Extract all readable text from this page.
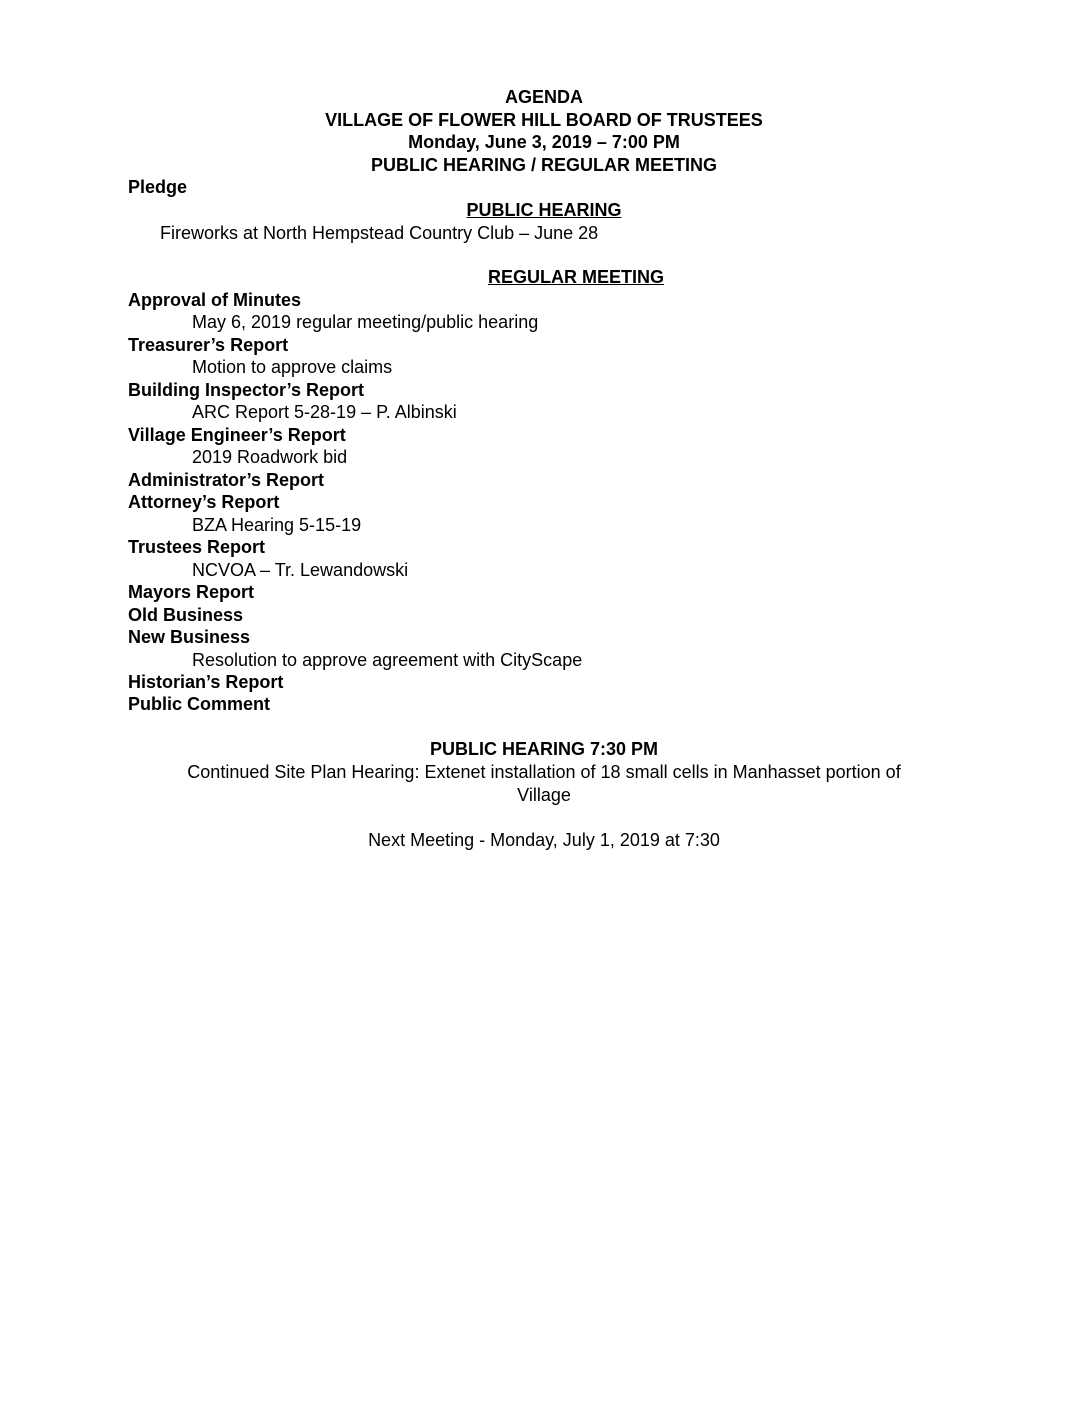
AGENDA
VILLAGE OF FLOWER HILL BOARD OF TRUSTEES
Monday, June 3, 2019 – 7:00 PM
PUBLIC HEARING / REGULAR MEETING
Pledge
PUBLIC HEARING
Fireworks at North Hempstead Country Club – June 28
REGULAR MEETING
Approval of Minutes
May 6, 2019 regular meeting/public hearing
Treasurer’s Report
Motion to approve claims
Building Inspector’s Report
ARC Report 5-28-19 – P. Albinski
Village Engineer’s Report
2019 Roadwork bid
Administrator’s Report
Attorney’s Report
BZA Hearing 5-15-19
Trustees Report
NCVOA – Tr. Lewandowski
Mayors Report
Old Business
New Business
Resolution to approve agreement with CityScape
Historian’s Report
Public Comment
PUBLIC HEARING 7:30 PM
Continued Site Plan Hearing: Extenet installation of 18 small cells in Manhasset portion of
Village
Next Meeting - Monday, July 1, 2019 at 7:30
